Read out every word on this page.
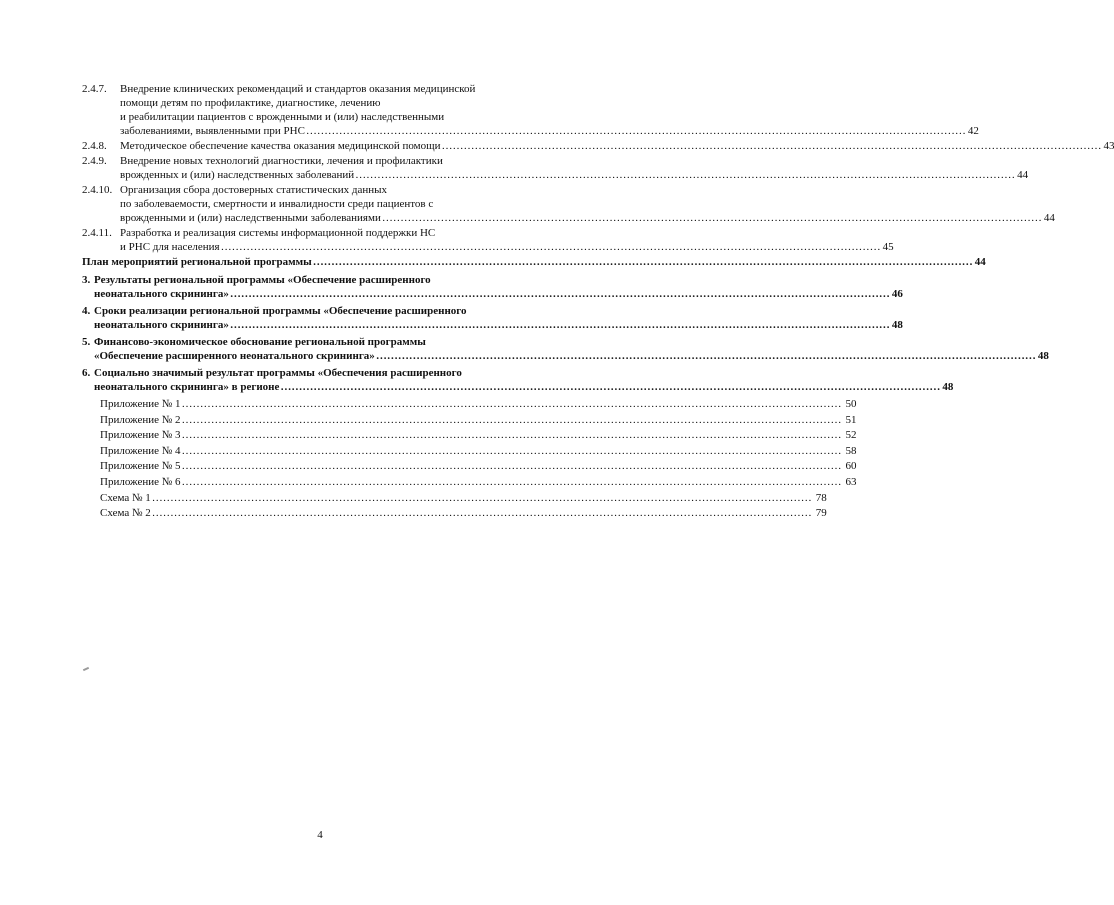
2.4.7.	Внедрение клинических рекомендаций и стандартов оказания медицинской
помощи детям по профилактике, диагностике, лечению
и реабилитации пациентов с врожденными и (или) наследственными
заболеваниями, выявленными при РНС ………………………………………………………………………………………………………………………………………………………………	42
2.4.8.	Методическое обеспечение качества оказания медицинской помощи ………………………………………………………………………………………………………………………………………………………………	43
2.4.9.	Внедрение новых технологий диагностики, лечения и профилактики
врожденных и (или) наследственных заболеваний ………………………………………………………………………………………………………………………………………………………………	44
2.4.10. Организация сбора достоверных статистических данных
по заболеваемости, смертности и инвалидности среди пациентов с
врожденными и (или) наследственными заболеваниями ………………………………………………………………………………………………………………………………………………………………	44
2.4.11. Разработка и реализация системы информационной поддержки НС
и РНС для населения ………………………………………………………………………………………………………………………………………………………………	45
План мероприятий региональной программы ………………………………………………………………………………………………………………………………………………………………	44
3. Результаты региональной программы «Обеспечение расширенного
неонатального скрининга» ………………………………………………………………………………………………………………………………………………………………	46
4. Сроки реализации региональной программы «Обеспечение расширенного
неонатального скрининга» ………………………………………………………………………………………………………………………………………………………………	48
5. Финансово-экономическое обоснование региональной программы
«Обеспечение расширенного неонатального скрининга» ………………………………………………………………………………………………………………………………………………………………	48
6. Социально значимый результат программы «Обеспечения расширенного
неонатального скрининга» в регионе ………………………………………………………………………………………………………………………………………………………………	48
Приложение № 1 ………………………………………………………………………………………………………………………………………………………………	50
Приложение № 2 ………………………………………………………………………………………………………………………………………………………………	51
Приложение № 3 ………………………………………………………………………………………………………………………………………………………………	52
Приложение № 4 ………………………………………………………………………………………………………………………………………………………………	58
Приложение № 5 ………………………………………………………………………………………………………………………………………………………………	60
Приложение № 6 ………………………………………………………………………………………………………………………………………………………………	63
Схема № 1 ………………………………………………………………………………………………………………………………………………………………	78
Схема № 2 ………………………………………………………………………………………………………………………………………………………………	79
4
